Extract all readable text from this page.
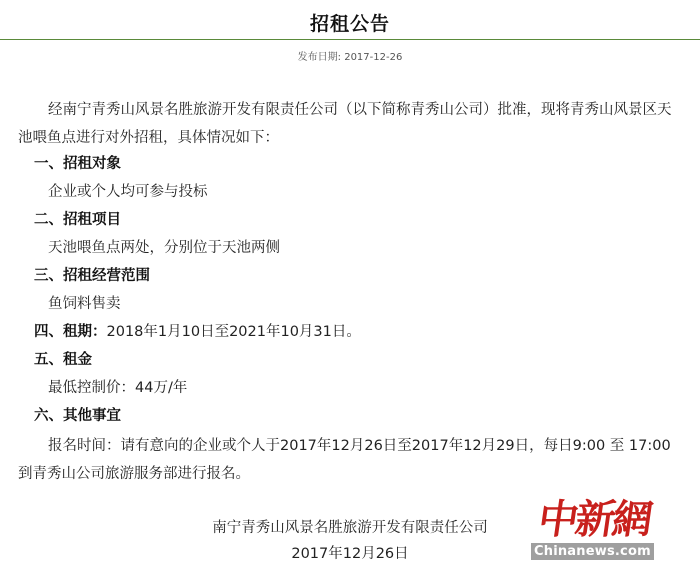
招租公告
发布日期: 2017-12-26
经南宁青秀山风景名胜旅游开发有限责任公司（以下简称青秀山公司）批准，现将青秀山风景区天池喂鱼点进行对外招租，具体情况如下：
一、招租对象
企业或个人均可参与投标
二、招租项目
天池喂鱼点两处，分别位于天池两侧
三、招租经营范围
鱼饲料售卖
四、租期：2018年1月10日至2021年10月31日。
五、租金
最低控制价：44万/年
六、其他事宜
报名时间：请有意向的企业或个人于2017年12月26日至2017年12月29日，每日9:00 至 17:00到青秀山公司旅游服务部进行报名。
南宁青秀山风景名胜旅游开发有限责任公司
2017年12月26日
中新網
Chinanews.com
